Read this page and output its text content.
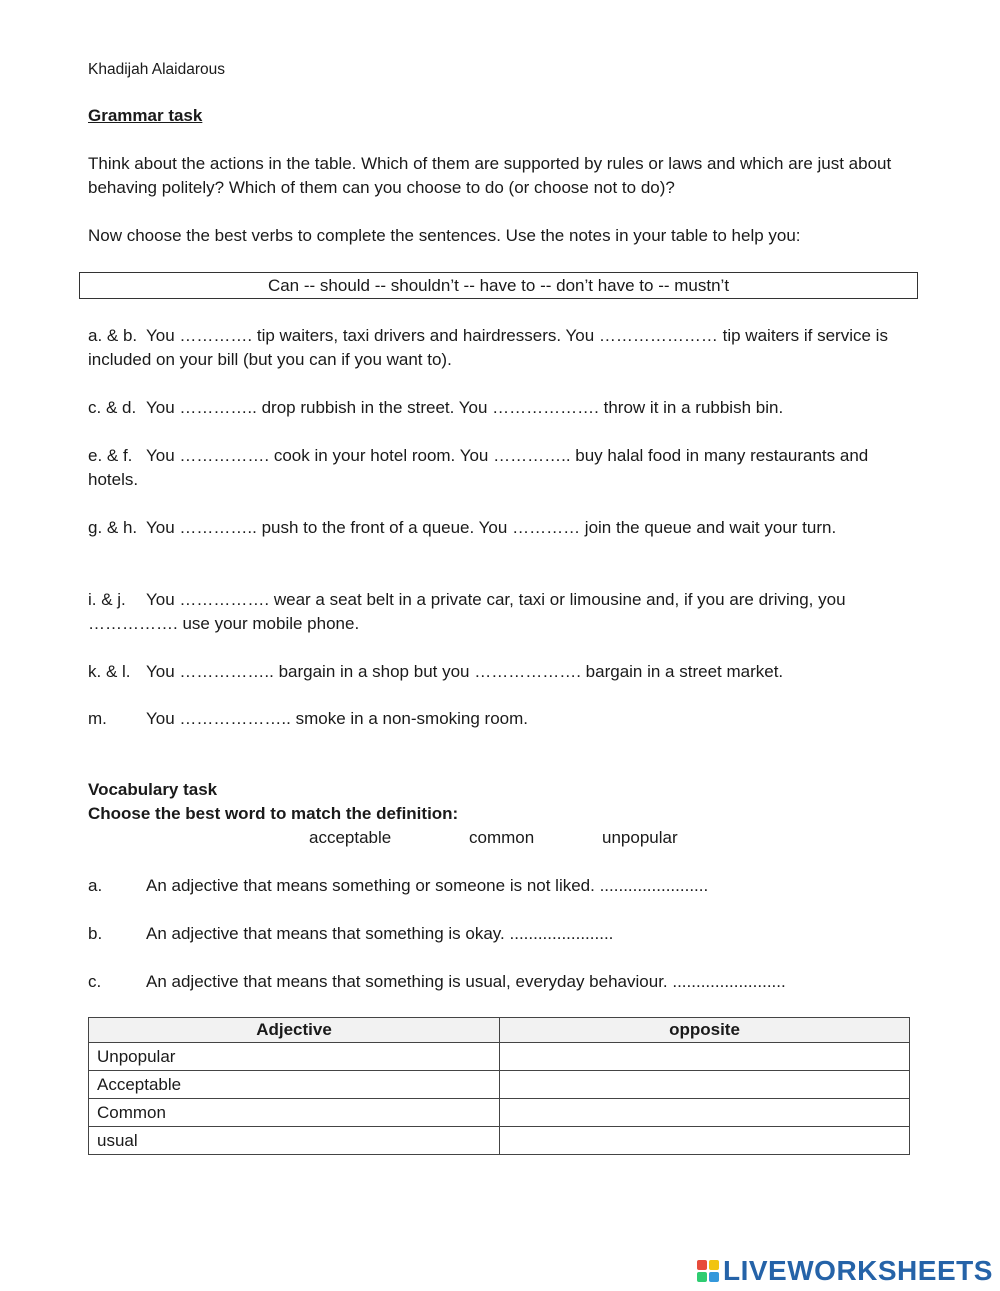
Khadijah Alaidarous
Grammar task
Think about the actions in the table. Which of them are supported by rules or laws and which are just about behaving politely? Which of them can you choose to do (or choose not to do)?
Now choose the best verbs to complete the sentences. Use the notes in your table to help you:
Can -- should -- shouldn’t -- have to -- don’t have to -- mustn’t
a. & b. You …………. tip waiters, taxi drivers and hairdressers. You ………………… tip waiters if service is included on your bill (but you can if you want to).
c. & d. You ………….. drop rubbish in the street. You ………………. throw it in a rubbish bin.
e. & f. You ……………. cook in your hotel room. You ………….. buy halal food in many restaurants and hotels.
g. & h. You ………….. push to the front of a queue. You ………… join the queue and wait your turn.
i. & j. You ……………. wear a seat belt in a private car, taxi or limousine and, if you are driving, you ……………. use your mobile phone.
k. & l. You …………….. bargain in a shop but you ………………. bargain in a street market.
m. You ……………….. smoke in a non-smoking room.
Vocabulary task
Choose the best word to match the definition:
acceptable	common	unpopular
a.	An adjective that means something or someone is not liked. .......................
b.	An adjective that means that something is okay. ......................
c.	An adjective that means that something is usual, everyday behaviour. ........................
Adjective	opposite
Unpopular	
Acceptable	
Common	
usual	
LIVEWORKSHEETS
